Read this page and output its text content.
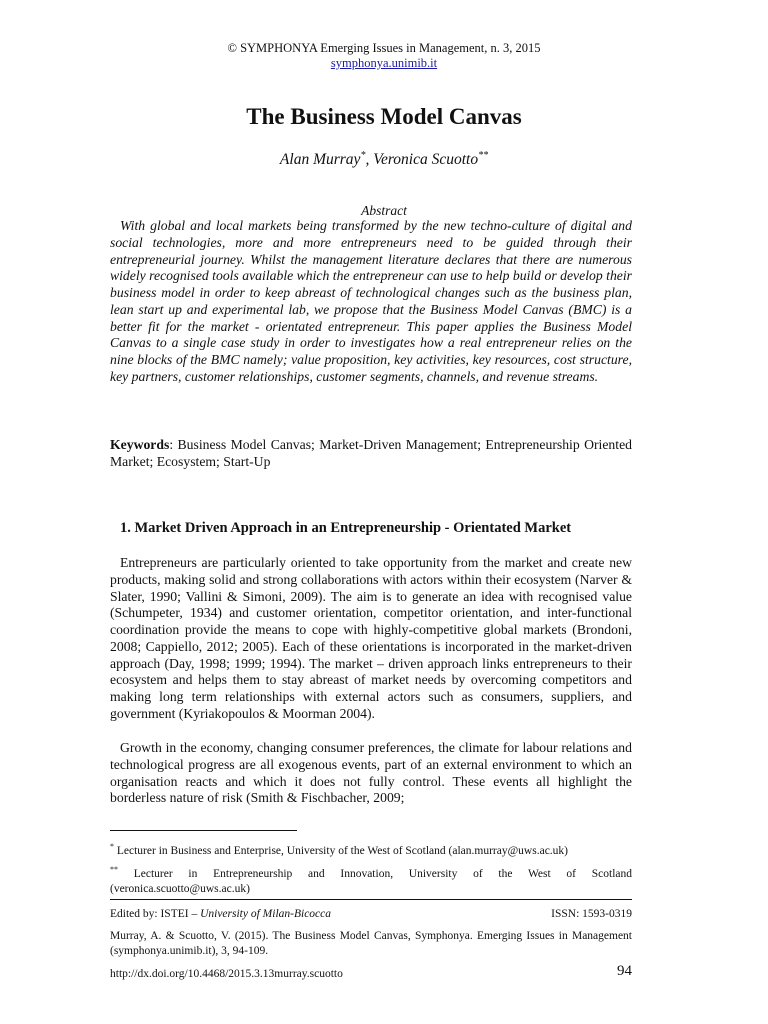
© SYMPHONYA Emerging Issues in Management, n. 3, 2015
symphonya.unimib.it
The Business Model Canvas
Alan Murray*, Veronica Scuotto**
Abstract

With global and local markets being transformed by the new techno-culture of digital and social technologies, more and more entrepreneurs need to be guided through their entrepreneurial journey. Whilst the management literature declares that there are numerous widely recognised tools available which the entrepreneur can use to help build or develop their business model in order to keep abreast of technological changes such as the business plan, lean start up and experimental lab, we propose that the Business Model Canvas (BMC) is a better fit for the market - orientated entrepreneur. This paper applies the Business Model Canvas to a single case study in order to investigates how a real entrepreneur relies on the nine blocks of the BMC namely; value proposition, key activities, key resources, cost structure, key partners, customer relationships, customer segments, channels, and revenue streams.

Keywords: Business Model Canvas; Market-Driven Management; Entrepreneurship Oriented Market; Ecosystem; Start-Up

1. Market Driven Approach in an Entrepreneurship - Orientated Market

Entrepreneurs are particularly oriented to take opportunity from the market and create new products, making solid and strong collaborations with actors within their ecosystem (Narver & Slater, 1990; Vallini & Simoni, 2009). The aim is to generate an idea with recognised value (Schumpeter, 1934) and customer orientation, competitor orientation, and inter-functional coordination provide the means to cope with highly-competitive global markets (Brondoni, 2008; Cappiello, 2012; 2005). Each of these orientations is incorporated in the market-driven approach (Day, 1998; 1999; 1994). The market – driven approach links entrepreneurs to their ecosystem and helps them to stay abreast of market needs by overcoming competitors and making long term relationships with external actors such as consumers, suppliers, and government (Kyriakopoulos & Moorman 2004).

Growth in the economy, changing consumer preferences, the climate for labour relations and technological progress are all exogenous events, part of an external environment to which an organisation reacts and which it does not fully control. These events all highlight the borderless nature of risk (Smith & Fischbacher, 2009;

* Lecturer in Business and Enterprise, University of the West of Scotland (alan.murray@uws.ac.uk)

** Lecturer in Entrepreneurship and Innovation, University of the West of Scotland (veronica.scuotto@uws.ac.uk)

Edited by: ISTEI – University of Milan-Bicocca	ISSN: 1593-0319

Murray, A. & Scuotto, V. (2015). The Business Model Canvas, Symphonya. Emerging Issues in Management (symphonya.unimib.it), 3, 94-109.

http://dx.doi.org/10.4468/2015.3.13murray.scuotto	94
